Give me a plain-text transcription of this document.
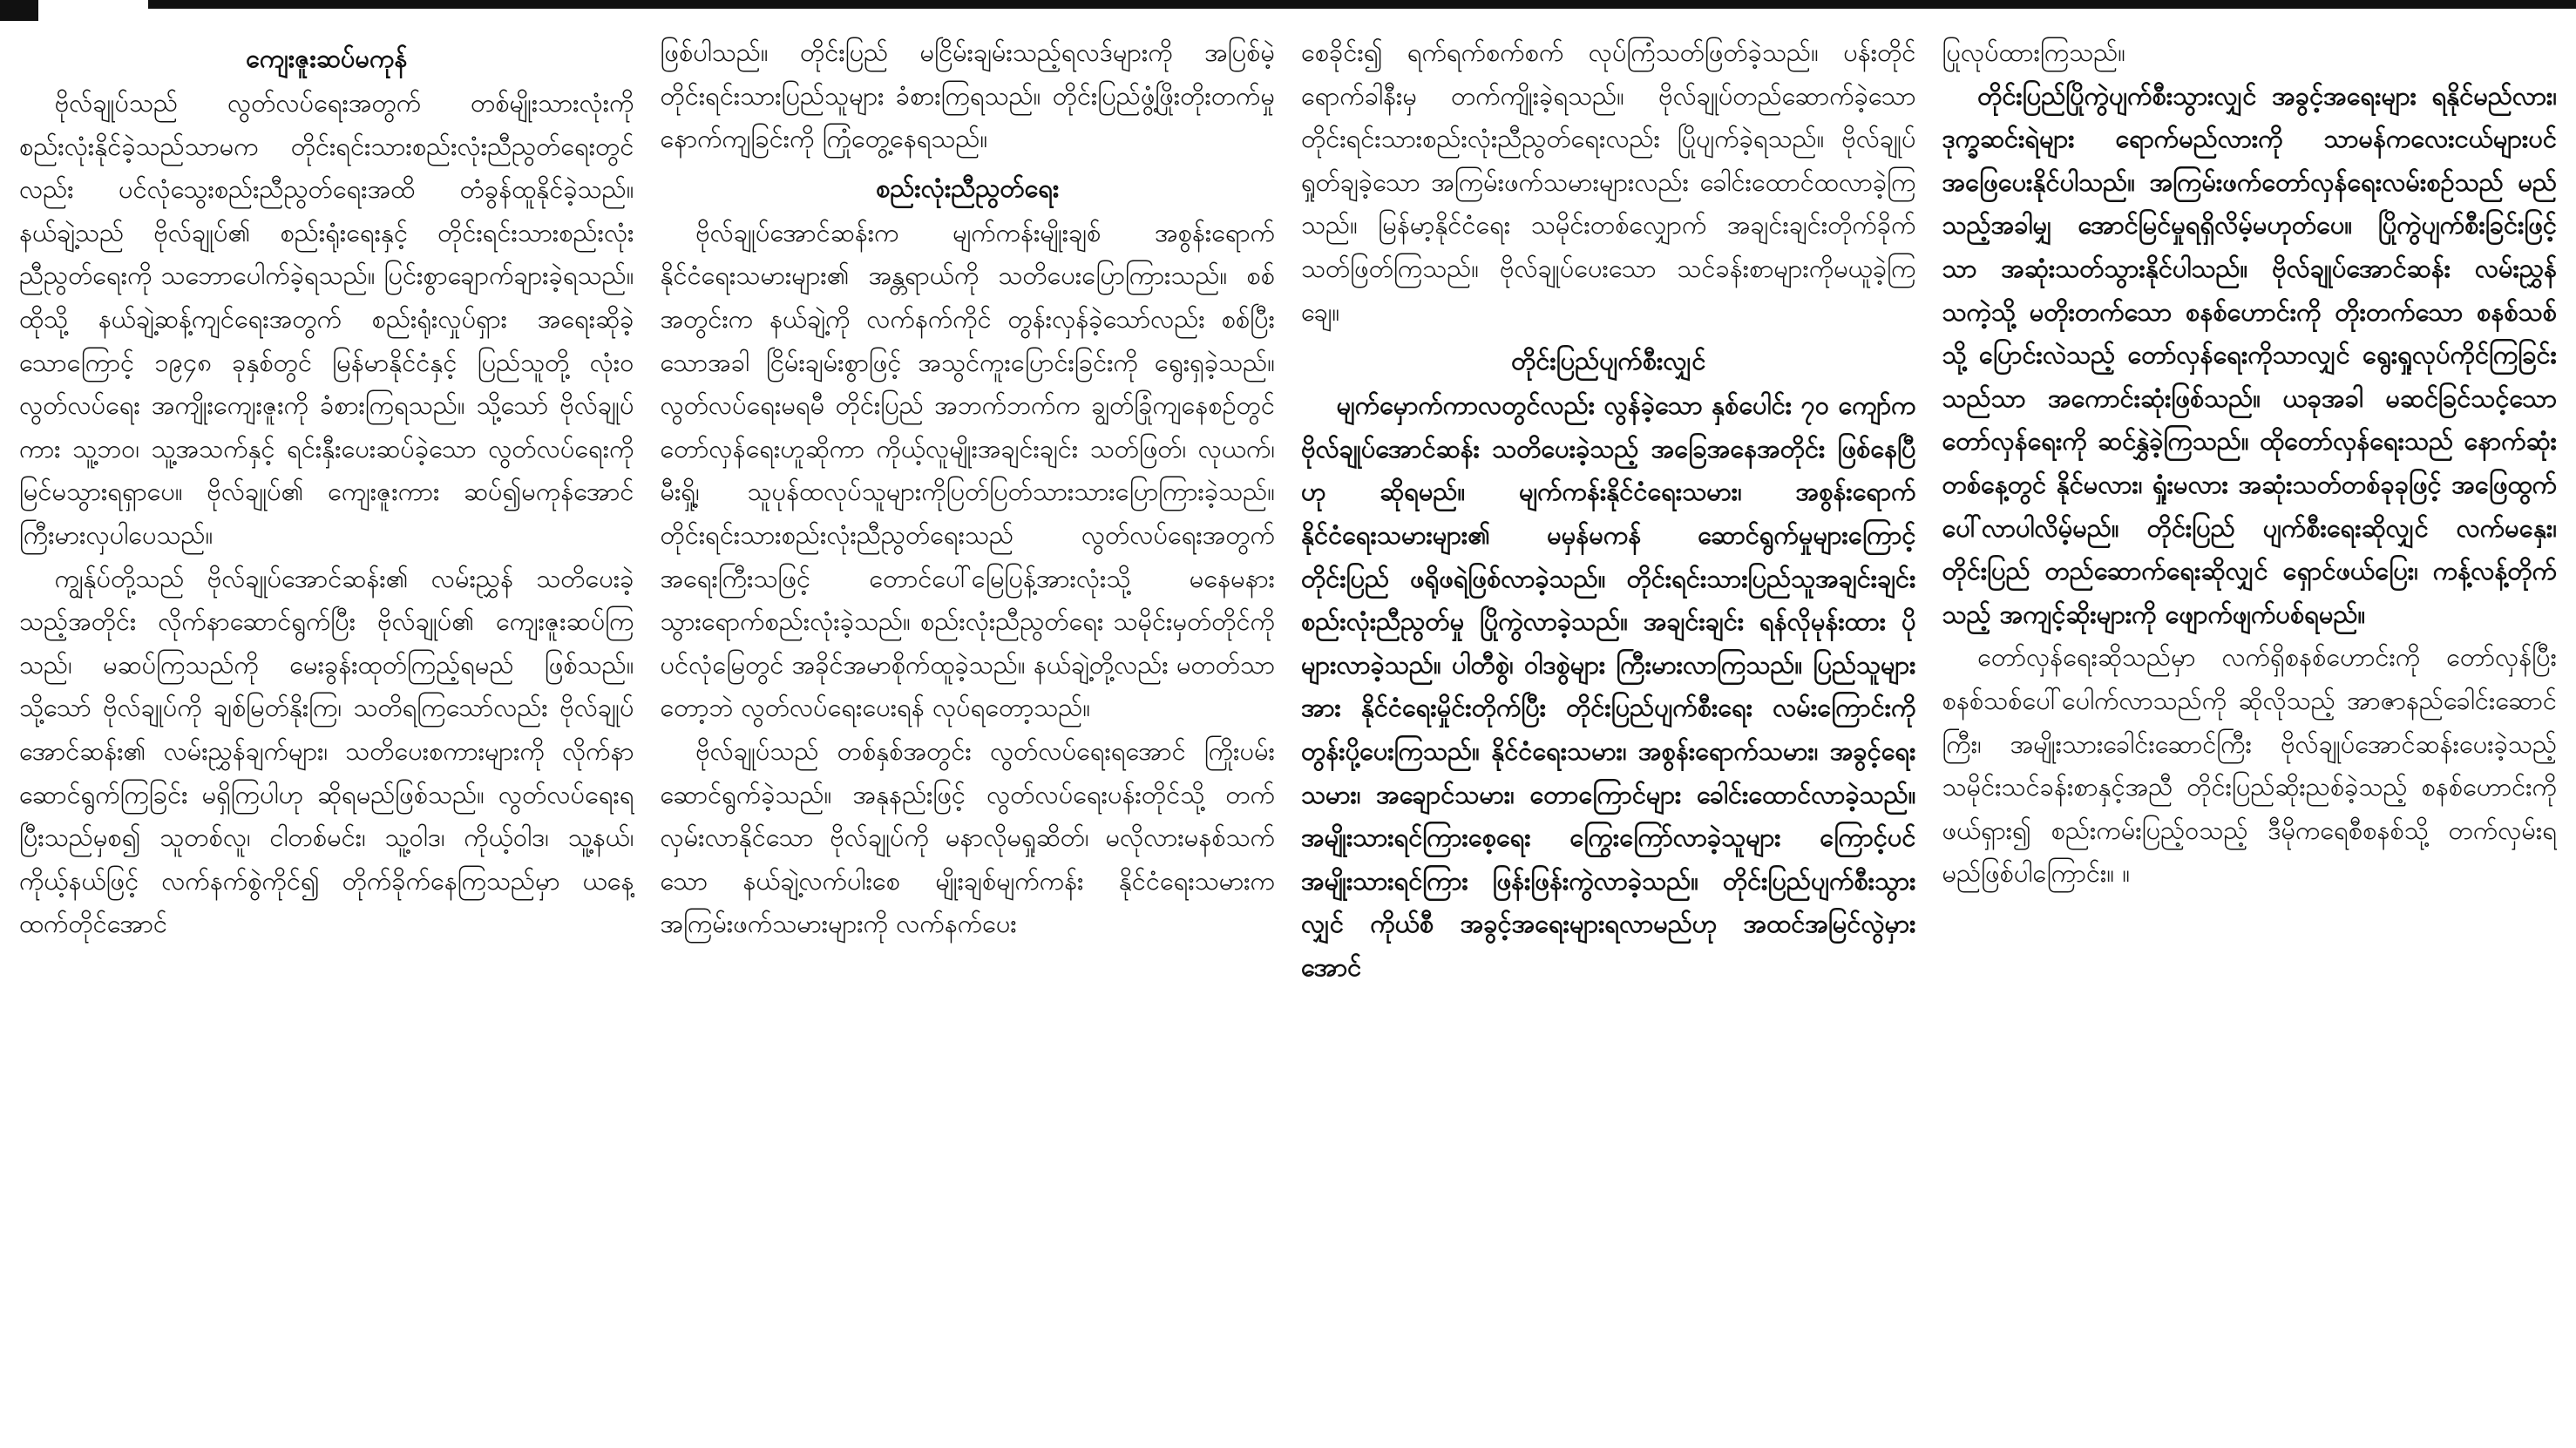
ကျေးဇူးဆပ်မကုန်

ဗိုလ်ချုပ်သည် လွတ်လပ်ရေးအတွက် တစ်မျိုးသားလုံးကို စည်းလုံးနိုင်ခဲ့သည်သာမက တိုင်းရင်းသားစည်းလုံးညီညွတ်ရေးတွင်လည်း ပင်လုံသွေးစည်းညီညွတ်ရေးအထိ တံခွန်ထူနိုင်ခဲ့သည်။ နယ်ချဲ့သည် ဗိုလ်ချုပ်၏ စည်းရုံးရေးနှင့် တိုင်းရင်းသားစည်းလုံးညီညွတ်ရေးကို သဘောပေါက်ခဲ့ရသည်။ ပြင်းစွာချောက်ချားခဲ့ရသည်။ ထိုသို့ နယ်ချဲ့ဆန့်ကျင်ရေးအတွက် စည်းရုံးလှုပ်ရှား အရေးဆိုခဲ့သောကြောင့် ၁၉၄၈ ခုနှစ်တွင် မြန်မာနိုင်ငံနှင့် ပြည်သူတို့ လုံးဝ လွတ်လပ်ရေး အကျိုးကျေးဇူးကို ခံစားကြရသည်။ သို့သော် ဗိုလ်ချုပ်ကား သူ့ဘဝ၊ သူ့အသက်နှင့် ရင်းနှီးပေးဆပ်ခဲ့သော လွတ်လပ်ရေးကို မြင်မသွားရရှာပေ။ ဗိုလ်ချုပ်၏ ကျေးဇူးကား ဆပ်၍မကုန်အောင် ကြီးမားလှပါပေသည်။

ကျွန်ုပ်တို့သည် ဗိုလ်ချုပ်အောင်ဆန်း၏ လမ်းညွှန် သတိပေးခဲ့သည့်အတိုင်း လိုက်နာဆောင်ရွက်ပြီး ဗိုလ်ချုပ်၏ ကျေးဇူးဆပ်ကြသည်၊ မဆပ်ကြသည်ကို မေးခွန်းထုတ်ကြည့်ရမည် ဖြစ်သည်။ သို့သော် ဗိုလ်ချုပ်ကို ချစ်မြတ်နိုးကြ၊ သတိရကြသော်လည်း ဗိုလ်ချုပ်အောင်ဆန်း၏ လမ်းညွှန်ချက်များ၊ သတိပေးစကားများကို လိုက်နာဆောင်ရွက်ကြခြင်း မရှိကြပါဟု ဆိုရမည်ဖြစ်သည်။ လွတ်လပ်ရေးရပြီးသည်မှစ၍ သူတစ်လူ၊ ငါတစ်မင်း၊ သူ့ဝါဒ၊ ကိုယ့်ဝါဒ၊ သူ့နယ်၊ ကိုယ့်နယ်ဖြင့် လက်နက်စွဲကိုင်၍ တိုက်ခိုက်နေကြသည်မှာ ယနေ့ထက်တိုင်အောင်

ဖြစ်ပါသည်။ တိုင်းပြည် မငြိမ်းချမ်းသည့်ရလဒ်များကို အပြစ်မဲ့ တိုင်းရင်းသားပြည်သူများ ခံစားကြရသည်။ တိုင်းပြည်ဖွံ့ဖြိုးတိုးတက်မှု နောက်ကျခြင်းကို ကြုံတွေ့နေရသည်။

စည်းလုံးညီညွတ်ရေး

ဗိုလ်ချုပ်အောင်ဆန်းက မျက်ကန်းမျိုးချစ် အစွန်းရောက်နိုင်ငံရေးသမားများ၏ အန္တရာယ်ကို သတိပေးပြောကြားသည်။ စစ်အတွင်းက နယ်ချဲ့ကို လက်နက်ကိုင် တွန်းလှန်ခဲ့သော်လည်း စစ်ပြီးသောအခါ ငြိမ်းချမ်းစွာဖြင့် အသွင်ကူးပြောင်းခြင်းကို ရွေးရှခဲ့သည်။ လွတ်လပ်ရေးမရမီ တိုင်းပြည် အဘက်ဘက်က ချွတ်ခြုံကျနေစဉ်တွင် တော်လှန်ရေးဟူဆိုကာ ကိုယ့်လူမျိုးအချင်းချင်း သတ်ဖြတ်၊ လုယက်၊ မီးရှို့၊ သူပုန်ထလုပ်သူများကိုပြတ်ပြတ်သားသားပြောကြားခဲ့သည်။ တိုင်းရင်းသားစည်းလုံးညီညွတ်ရေးသည် လွတ်လပ်ရေးအတွက် အရေးကြီးသဖြင့် တောင်ပေါ်မြေပြန့်အားလုံးသို့ မနေမနား သွားရောက်စည်းလုံးခဲ့သည်။ စည်းလုံးညီညွတ်ရေး သမိုင်းမှတ်တိုင်ကို ပင်လုံမြေတွင် အခိုင်အမာစိုက်ထူခဲ့သည်။ နယ်ချဲ့တို့လည်း မတတ်သာတော့ဘဲ လွတ်လပ်ရေးပေးရန် လုပ်ရတော့သည်။

ဗိုလ်ချုပ်သည် တစ်နှစ်အတွင်း လွတ်လပ်ရေးရအောင် ကြိုးပမ်းဆောင်ရွက်ခဲ့သည်။ အနုနည်းဖြင့် လွတ်လပ်ရေးပန်းတိုင်သို့ တက်လှမ်းလာနိုင်သော ဗိုလ်ချုပ်ကို မနာလိုမရှုဆိတ်၊ မလိုလားမနစ်သက်သော နယ်ချဲ့လက်ပါးစေ မျိုးချစ်မျက်ကန်း နိုင်ငံရေးသမားက အကြမ်းဖက်သမားများကို လက်နက်ပေး

စေခိုင်း၍ ရက်ရက်စက်စက် လုပ်ကြံသတ်ဖြတ်ခဲ့သည်။ ပန်းတိုင်ရောက်ခါနီးမှ တက်ကျိုးခဲ့ရသည်။ ဗိုလ်ချုပ်တည်ဆောက်ခဲ့သော တိုင်းရင်းသားစည်းလုံးညီညွတ်ရေးလည်း ပြိုပျက်ခဲ့ရသည်။ ဗိုလ်ချုပ် ရှုတ်ချခဲ့သော အကြမ်းဖက်သမားများလည်း ခေါင်းထောင်ထလာခဲ့ကြသည်။ မြန်မာ့နိုင်ငံရေး သမိုင်းတစ်လျှောက် အချင်းချင်းတိုက်ခိုက်သတ်ဖြတ်ကြသည်။ ဗိုလ်ချုပ်ပေးသော သင်ခန်းစာများကိုမယူခဲ့ကြချေ။

တိုင်းပြည်ပျက်စီးလျှင်

မျက်မှောက်ကာလတွင်လည်း လွန်ခဲ့သော နှစ်ပေါင်း ၇၀ ကျော်က ဗိုလ်ချုပ်အောင်ဆန်း သတိပေးခဲ့သည့် အခြေအနေအတိုင်း ဖြစ်နေပြီဟု ဆိုရမည်။ မျက်ကန်းနိုင်ငံရေးသမား၊ အစွန်းရောက် နိုင်ငံရေးသမားများ၏ မမှန်မကန် ဆောင်ရွက်မှုများကြောင့် တိုင်းပြည် ဖရိုဖရဲဖြစ်လာခဲ့သည်။ တိုင်းရင်းသားပြည်သူအချင်းချင်း စည်းလုံးညီညွတ်မှု ပြိုကွဲလာခဲ့သည်။ အချင်းချင်း ရန်လိုမုန်းထား ပိုများလာခဲ့သည်။ ပါတီစွဲ၊ ဝါဒစွဲများ ကြီးမားလာကြသည်။ ပြည်သူများအား နိုင်ငံရေးမှိုင်းတိုက်ပြီး တိုင်းပြည်ပျက်စီးရေး လမ်းကြောင်းကို တွန်းပို့ပေးကြသည်။ နိုင်ငံရေးသမား၊ အစွန်းရောက်သမား၊ အခွင့်ရေးသမား၊ အချောင်သမား၊ တောကြောင်များ ခေါင်းထောင်လာခဲ့သည်။ အမျိုးသားရင်ကြားစေ့ရေး ကြွေးကြော်လာခဲ့သူများ ကြောင့်ပင် အမျိုးသားရင်ကြား ဖြန်းဖြန်းကွဲလာခဲ့သည်။ တိုင်းပြည်ပျက်စီးသွားလျှင် ကိုယ်စီ အခွင့်အရေးများရလာမည်ဟု အထင်အမြင်လွဲမှားအောင်

ပြုလုပ်ထားကြသည်။

တိုင်းပြည်ပြိုကွဲပျက်စီးသွားလျှင် အခွင့်အရေးများ ရနိုင်မည်လား၊ ဒုက္ခဆင်းရဲများ ရောက်မည်လားကို သာမန်ကလေးငယ်များပင် အဖြေပေးနိုင်ပါသည်။ အကြမ်းဖက်တော်လှန်ရေးလမ်းစဉ်သည် မည်သည့်အခါမျှ အောင်မြင်မှုရရှိလိမ့်မဟုတ်ပေ။ ပြိုကွဲပျက်စီးခြင်းဖြင့်သာ အဆုံးသတ်သွားနိုင်ပါသည်။ ဗိုလ်ချုပ်အောင်ဆန်း လမ်းညွှန်သကဲ့သို့ မတိုးတက်သော စနစ်ဟောင်းကို တိုးတက်သော စနစ်သစ်သို့ ပြောင်းလဲသည့် တော်လှန်ရေးကိုသာလျှင် ရွေးရှုလုပ်ကိုင်ကြခြင်းသည်သာ အကောင်းဆုံးဖြစ်သည်။ ယခုအခါ မဆင်ခြင်သင့်သော တော်လှန်ရေးကို ဆင်နွှဲခဲ့ကြသည်။ ထိုတော်လှန်ရေးသည် နောက်ဆုံးတစ်နေ့တွင် နိုင်မလား၊ ရှုံးမလား အဆုံးသတ်တစ်ခုခုဖြင့် အဖြေထွက်ပေါ်လာပါလိမ့်မည်။ တိုင်းပြည် ပျက်စီးရေးဆိုလျှင် လက်မနှေး၊ တိုင်းပြည် တည်ဆောက်ရေးဆိုလျှင် ရှောင်ဖယ်ပြေး၊ ကန့်လန့်တိုက်သည့် အကျင့်ဆိုးများကို ဖျောက်ဖျက်ပစ်ရမည်။

တော်လှန်ရေးဆိုသည်မှာ လက်ရှိစနစ်ဟောင်းကို တော်လှန်ပြီး စနစ်သစ်ပေါ်ပေါက်လာသည်ကို ဆိုလိုသည့် အာဇာနည်ခေါင်းဆောင်ကြီး၊ အမျိုးသားခေါင်းဆောင်ကြီး ဗိုလ်ချုပ်အောင်ဆန်းပေးခဲ့သည့် သမိုင်းသင်ခန်းစာနှင့်အညီ တိုင်းပြည်ဆိုးညစ်ခဲ့သည့် စနစ်ဟောင်းကိုဖယ်ရှား၍ စည်းကမ်းပြည့်ဝသည့် ဒီမိုကရေစီစနစ်သို့ တက်လှမ်းရမည်ဖြစ်ပါကြောင်း။ ။
